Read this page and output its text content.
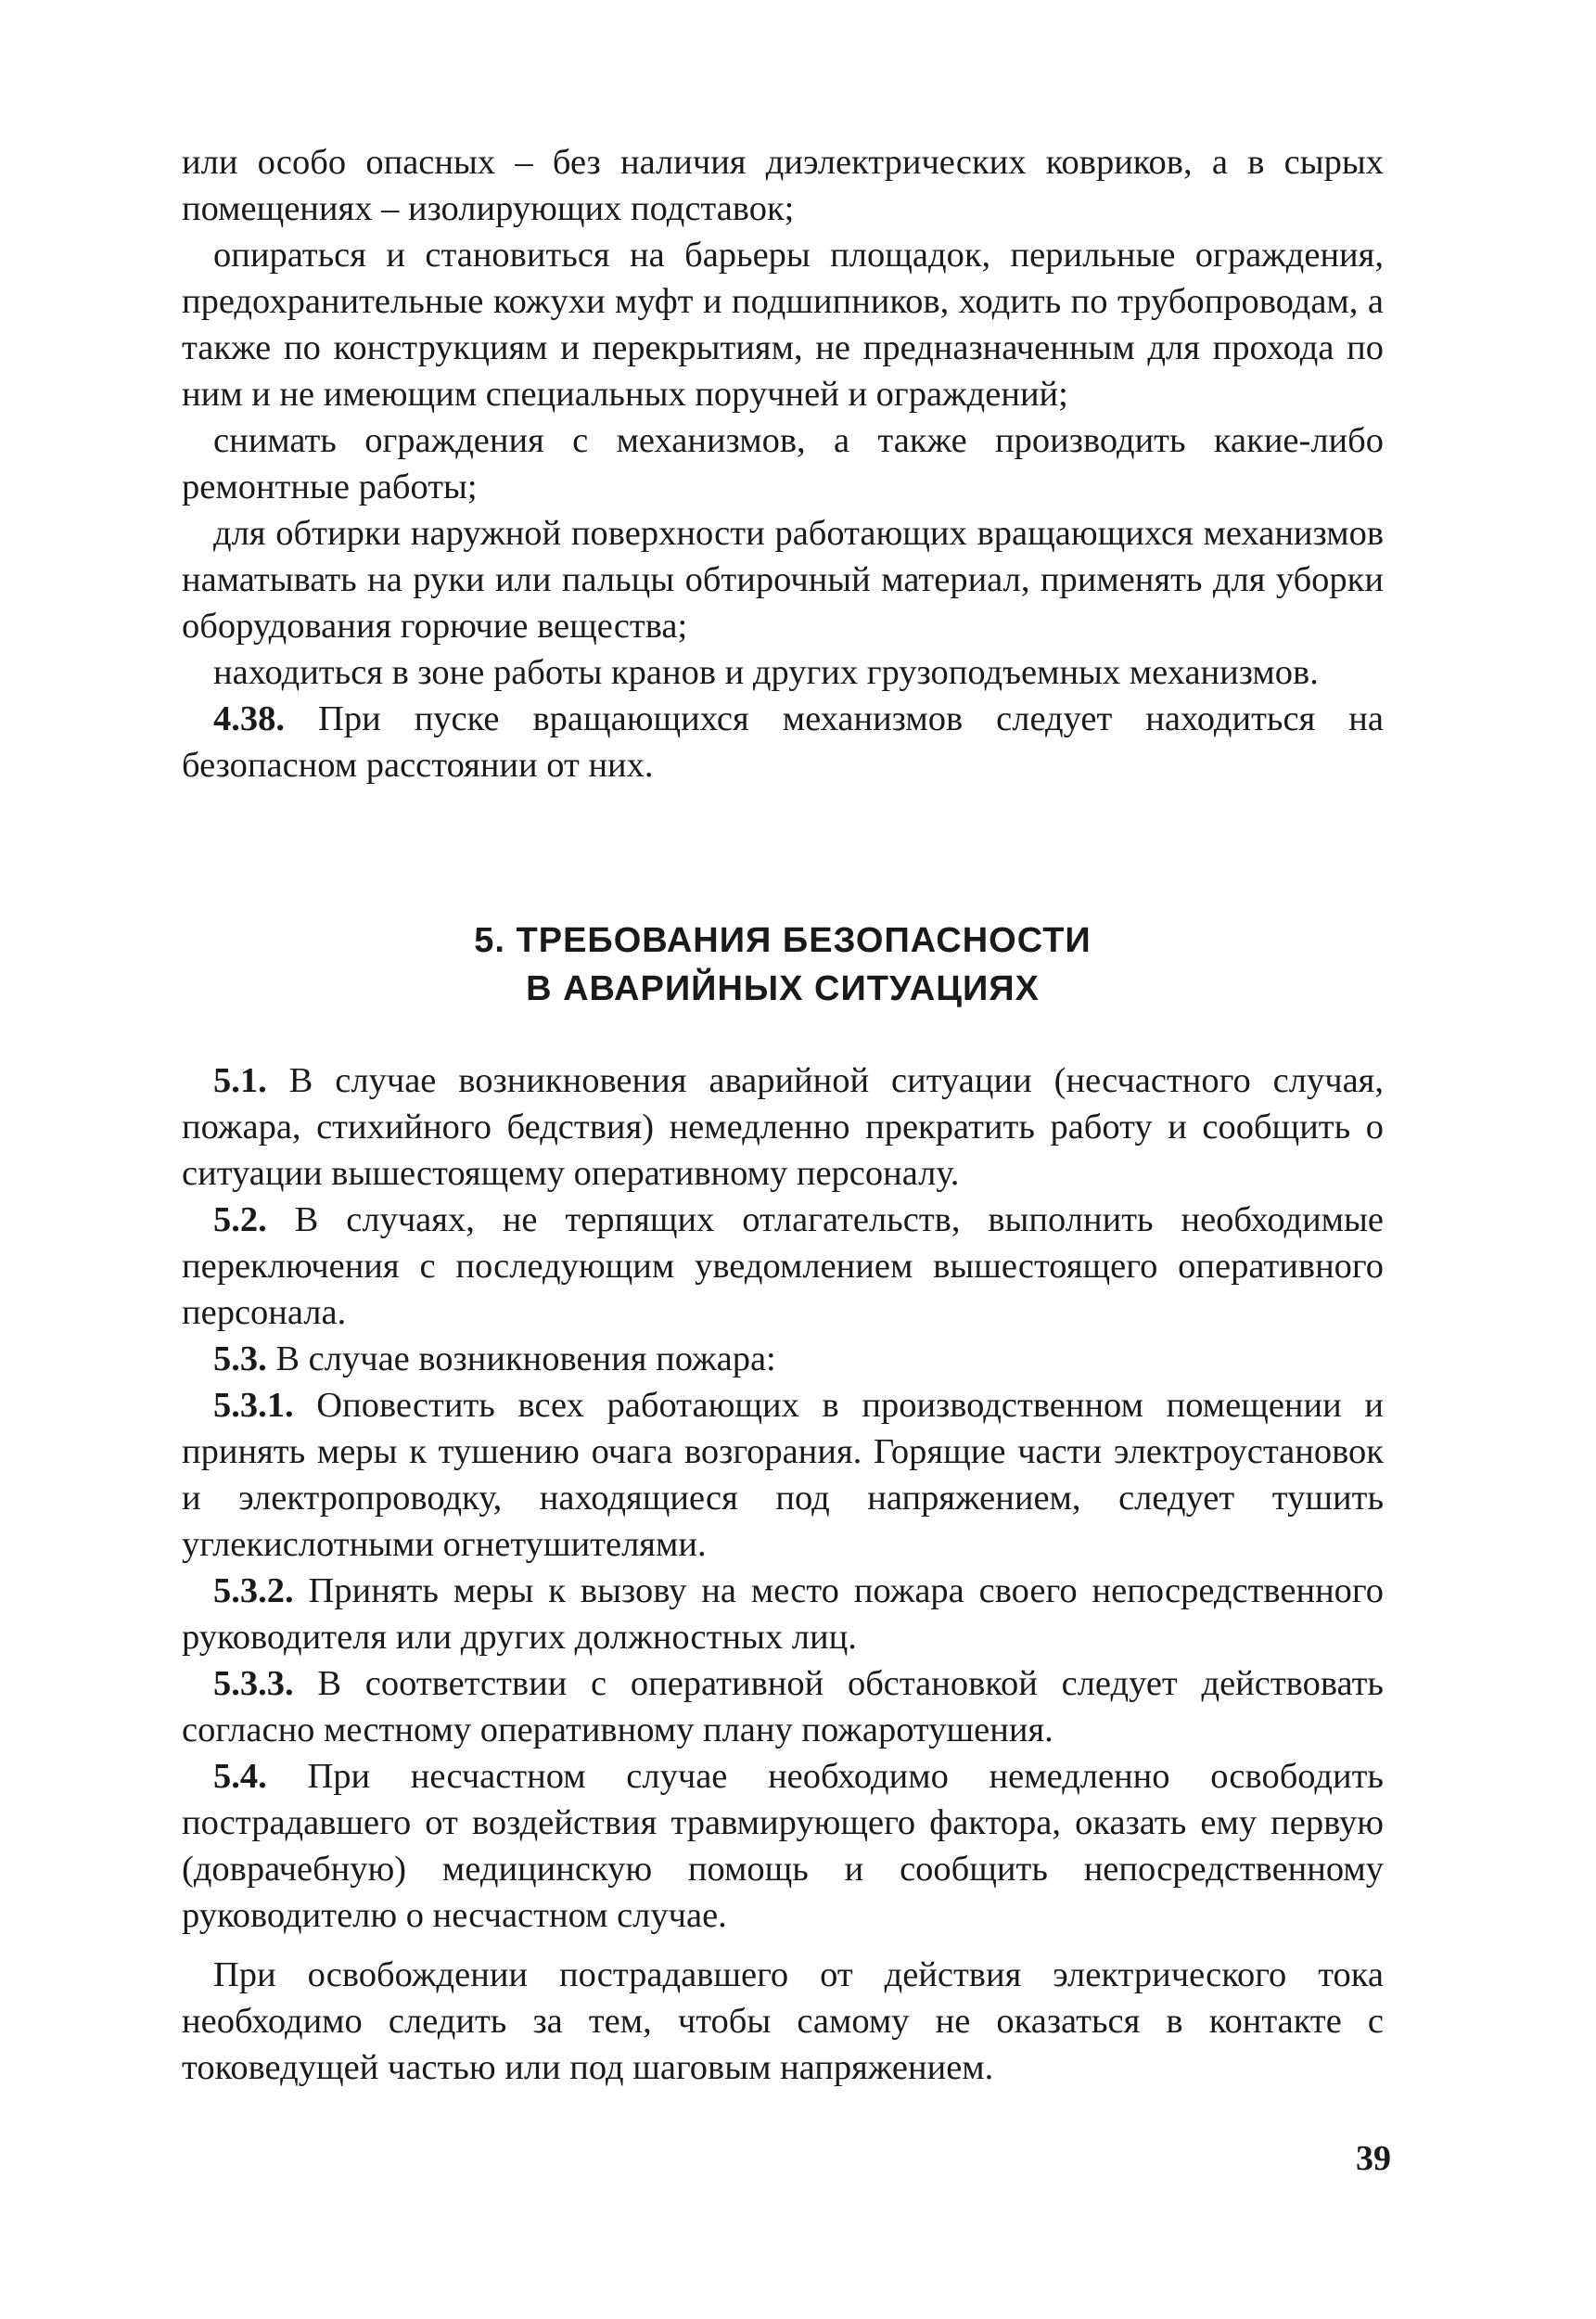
или особо опасных – без наличия диэлектрических ковриков, а в сырых помещениях – изолирующих подставок;

опираться и становиться на барьеры площадок, перильные ограждения, предохранительные кожухи муфт и подшипников, ходить по трубопроводам, а также по конструкциям и перекрытиям, не предназначенным для прохода по ним и не имеющим специальных поручней и ограждений;

снимать ограждения с механизмов, а также производить какие-либо ремонтные работы;

для обтирки наружной поверхности работающих вращающихся механизмов наматывать на руки или пальцы обтирочный материал, применять для уборки оборудования горючие вещества;

находиться в зоне работы кранов и других грузоподъемных механизмов.

4.38. При пуске вращающихся механизмов следует находиться на безопасном расстоянии от них.

5. ТРЕБОВАНИЯ БЕЗОПАСНОСТИ
В АВАРИЙНЫХ СИТУАЦИЯХ

5.1. В случае возникновения аварийной ситуации (несчастного случая, пожара, стихийного бедствия) немедленно прекратить работу и сообщить о ситуации вышестоящему оперативному персоналу.

5.2. В случаях, не терпящих отлагательств, выполнить необходимые переключения с последующим уведомлением вышестоящего оперативного персонала.

5.3. В случае возникновения пожара:

5.3.1. Оповестить всех работающих в производственном помещении и принять меры к тушению очага возгорания. Горящие части электроустановок и электропроводку, находящиеся под напряжением, следует тушить углекислотными огнетушителями.

5.3.2. Принять меры к вызову на место пожара своего непосредственного руководителя или других должностных лиц.

5.3.3. В соответствии с оперативной обстановкой следует действовать согласно местному оперативному плану пожаротушения.

5.4. При несчастном случае необходимо немедленно освободить пострадавшего от воздействия травмирующего фактора, оказать ему первую (доврачебную) медицинскую помощь и сообщить непосредственному руководителю о несчастном случае.

При освобождении пострадавшего от действия электрического тока необходимо следить за тем, чтобы самому не оказаться в контакте с токоведущей частью или под шаговым напряжением.

39
